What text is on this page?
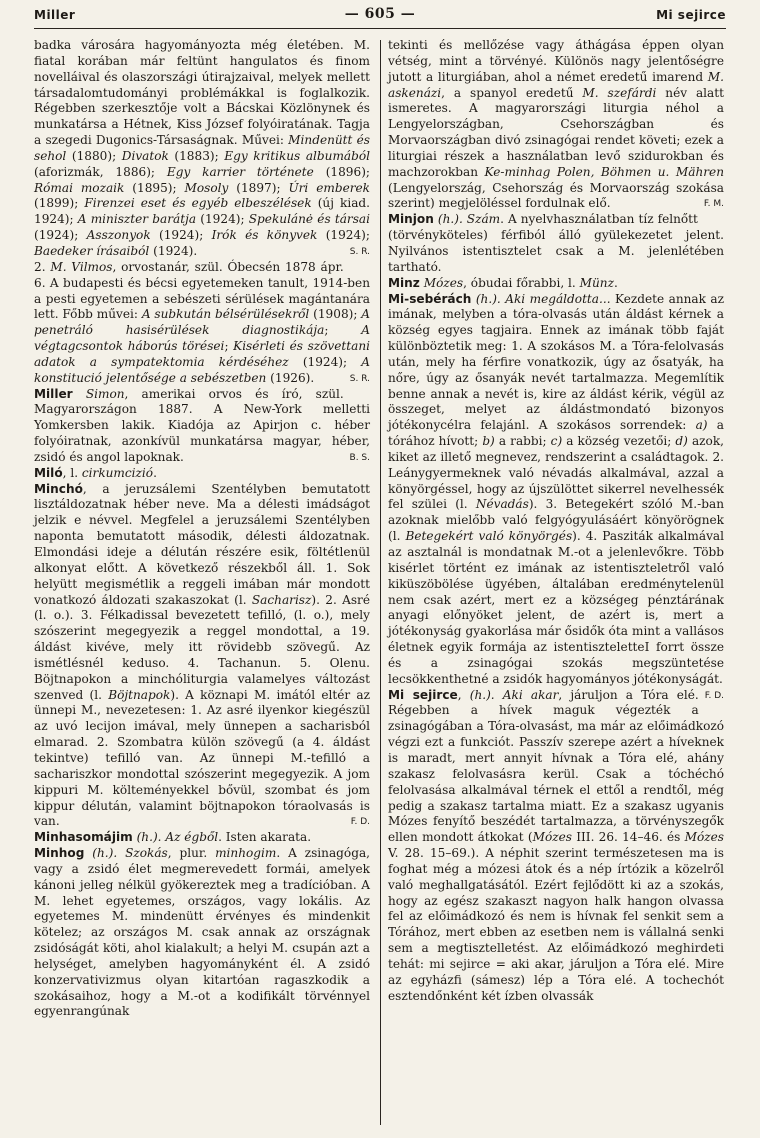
Miller	— 605 —	Mi sejirce

badka városára hagyományozta még életében. M. fiatal korában már feltünt hangulatos és finom novelláival és olaszországi útirajzaival, melyek mellett társadalomtudományi problémákkal is foglalkozik. Régebben szerkesztője volt a Bácskai Közlönynek és munkatársa a Hétnek, Kiss József folyóiratának. Tagja a szegedi Dugonics-Társaságnak. Művei: Mindenütt és sehol (1880); Divatok (1883); Egy kritikus albumából (aforizmák, 1886); Egy karrier története (1896); Római mozaik (1895); Mosoly (1897); Úri emberek (1899); Firenzei eset és egyéb elbeszélések (új kiad. 1924); A miniszter barátja (1924); Spekulánė és társai (1924); Asszonyok (1924); Irók és könyvek (1924); Baedeker írásaiból (1924).	S. R.

2. M. Vilmos, orvostanár, szül. Óbecsén 1878 ápr. 6. A budapesti és bécsi egyetemeken tanult, 1914-ben a pesti egyetemen a sebészeti sérülések magántanára lett. Főbb művei: A subkután bélsérülésekről (1908); A penetráló hasisérülések diagnostikája; A végtagcsontok háborús törései; Kisérleti és szövettani adatok a sympatektomia kérdéséhez (1924); A konstitució jelentősége a sebészetben (1926).	S. R.

Miller Simon, amerikai orvos és író, szül. Magyarországon 1887. A New-York melletti Yomkersben lakik. Kiadója az Apirjon c. héber folyóiratnak, azonkívül munkatársa magyar, héber, zsidó és angol lapoknak.	B. S.

Miló, l. cirkumcizió.

Minchó, a jeruzsálemi Szentélyben bemutatott lisztáldozatnak héber neve. Ma a délesti imádságot jelzik e névvel. Megfelel a jeruzsálemi Szentélyben naponta bemutatott második, délesti áldozatnak. Elmondási ideje a délután részére esik, föltétlenül alkonyat előtt. A következő részekből áll. 1. Sok helyütt megismétlik a reggeli imában már mondott vonatkozó áldozati szakaszokat (l. Sacharisz). 2. Asré (l. o.). 3. Félkadissal bevezetett tefilló, (l. o.), mely szószerint megegyezik a reggel mondottal, a 19. áldást kivéve, mely itt rövidebb szövegű. Az ismétlésnél keduso. 4. Tachanun. 5. Olenu. Böjtnapokon a minchóliturgia valamelyes változást szenved (l. Böjtnapok). A köznapi M. imától eltér az ünnepi M., nevezetesen: 1. Az asré ilyenkor kiegészül az uvó lecijon imával, mely ünnepen a sacharisból elmarad. 2. Szombatra külön szövegű (a 4. áldást tekintve) tefilló van. Az ünnepi M.-tefilló a sachariszkor mondottal szószerint megegyezik. A jom kippuri M. költeményekkel bővül, szombat és jom kippur délután, valamint böjtnapokon tóraolvasás is van.	F. D.

Minhasomájim (h.). Az égből. Isten akarata.

Minhog (h.). Szokás, plur. minhogim. A zsinagóga, vagy a zsidó élet megmerevedett formái, amelyek kánoni jelleg nélkül gyökereztek meg a tradícióban. A M. lehet egyetemes, országos, vagy lokális. Az egyetemes M. mindenütt érvényes és mindenkit kötelez; az országos M. csak annak az országnak zsidóságát köti, ahol kialakult; a helyi M. csupán azt a helységet, amelyben hagyományként él. A zsidó konzervativizmus olyan kitartóan ragaszkodik a szokásaihoz, hogy a M.-ot a kodifikált törvénnyel egyenrangúnak

tekinti és mellőzése vagy áthágása éppen olyan vétség, mint a törvényé. Különös nagy jelentőségre jutott a liturgiában, ahol a német eredetű imarend M. askenázi, a spanyol eredetű M. szefárdi név alatt ismeretes. A magyarországi liturgia néhol a Lengyelországban, Csehországban és Morvaországban divó zsinagógai rendet követi; ezek a liturgiai részek a használatban levő szidurokban és machzorokban Ke-minhag Polen, Böhmen u. Mähren (Lengyelország, Csehország és Morvaország szokása szerint) megjelöléssel fordulnak elő.	F. M.

Minjon (h.). Szám. A nyelvhasználatban tíz felnőtt (törvényköteles) férfiból álló gyülekezetet jelent. Nyilvános istentisztelet csak a M. jelenlétében tartható.

Minz Mózes, óbudai főrabbi, l. Münz.

Mi-sebérách (h.). Aki megáldotta... Kezdete annak az imának, melyben a tóra-olvasás után áldást kérnek a község egyes tagjaira. Ennek az imának több faját különböztetik meg: 1. A szokásos M. a Tóra-felolvasás után, mely ha férfire vonatkozik, úgy az ősatyák, ha nőre, úgy az ősanyák nevét tartalmazza. Megemlítik benne annak a nevét is, kire az áldást kérik, végül az összeget, melyet az áldástmondató bizonyos jótékonycélra felajánl. A szokásos sorrendek: a) a tórához hívott; b) a rabbi; c) a község vezetői; d) azok, kiket az illető megnevez, rendszerint a családtagok. 2. Leánygyermeknek való névadás alkalmával, azzal a könyörgéssel, hogy az újszülöttet sikerrel nevelhessék fel szülei (l. Névadás). 3. Betegekért szóló M.-ban azoknak mielőbb való felgyógyulásáért könyörögnek (l. Betegekért való könyörgés). 4. Pasziták alkalmával az asztalnál is mondatnak M.-ot a jelenlevőkre. Több kisérlet történt ez imának az istentiszteletről való kiküszöbölése ügyében, általában eredménytelenül nem csak azért, mert ez a községeg pénztárának anyagi előnyöket jelent, de azért is, mert a jótékonyság gyakorlása már ősidők óta mint a vallásos életnek egyik formája az istentiszteletteI forrt össze és a zsinagógai szokás megszüntetése lecsökkenthetné a zsidók hagyományos jótékonyságát.
F. D.

Mi sejirce, (h.). Aki akar, járuljon a Tóra elé. Régebben a hívek maguk végezték a zsinagógában a Tóra-olvasást, ma már az előimádkozó végzi ezt a funkciót. Passzív szerepe azért a híveknek is maradt, mert annyit hívnak a Tóra elé, ahány szakasz felolvasásra kerül. Csak a tóchéchó felolvasása alkalmával térnek el ettől a rendtől, még pedig a szakasz tartalma miatt. Ez a szakasz ugyanis Mózes fenyítő beszédét tartalmazza, a törvényszegők ellen mondott átkokat (Mózes III. 26. 14–46. és Mózes V. 28. 15–69.). A néphit szerint természetesen ma is foghat még a mózesi átok és a nép írtózik a közelről való meghallgatásától. Ezért fejlődött ki az a szokás, hogy az egész szakaszt nagyon halk hangon olvassa fel az előimádkozó és nem is hívnak fel senkit sem a Tórához, mert ebben az esetben nem is vállalná senki sem a megtisztelletést. Az előimádkozó meghirdeti tehát: mi sejirce = aki akar, járuljon a Tóra elé. Mire az egyházfi (sámesz) lép a Tóra elé. A tochechót esztendőnként két ízben olvassák
